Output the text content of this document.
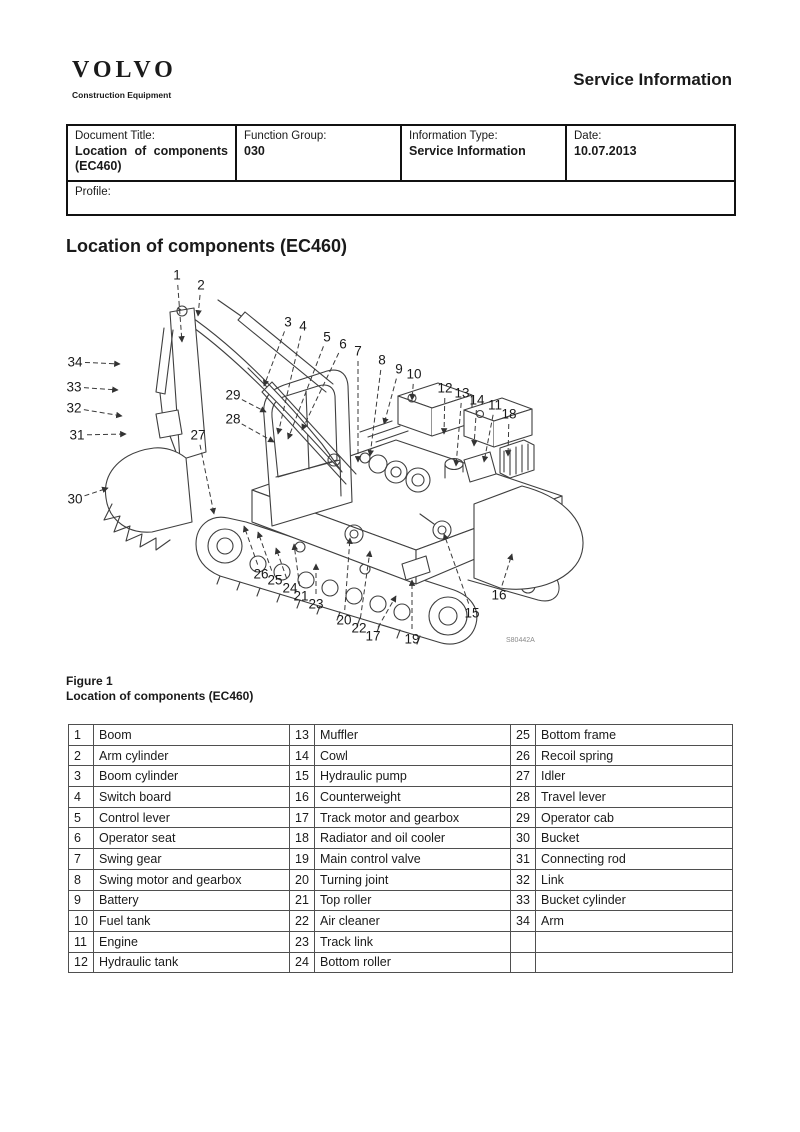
VOLVO
Construction Equipment
Service Information
Document Title:
Location of components (EC460)
	Function Group:
030
	Information Type:
Service Information
	Date:
10.07.2013

Profile:
Location of components (EC460)
1
2
3 4
5 6 7
8
9 10
11
12 13 14
15
16
17
18
19
20
21
22
23
24
25
26
27
28
29
30
31
32
33
34
S80442A
Figure 1
Location of components (EC460)
1	Boom	13	Muffler	25	Bottom frame
2	Arm cylinder	14	Cowl	26	Recoil spring
3	Boom cylinder	15	Hydraulic pump	27	Idler
4	Switch board	16	Counterweight	28	Travel lever
5	Control lever	17	Track motor and gearbox	29	Operator cab
6	Operator seat	18	Radiator and oil cooler	30	Bucket
7	Swing gear	19	Main control valve	31	Connecting rod
8	Swing motor and gearbox	20	Turning joint	32	Link
9	Battery	21	Top roller	33	Bucket cylinder
10	Fuel tank	22	Air cleaner	34	Arm
11	Engine	23	Track link		
12	Hydraulic tank	24	Bottom roller		
